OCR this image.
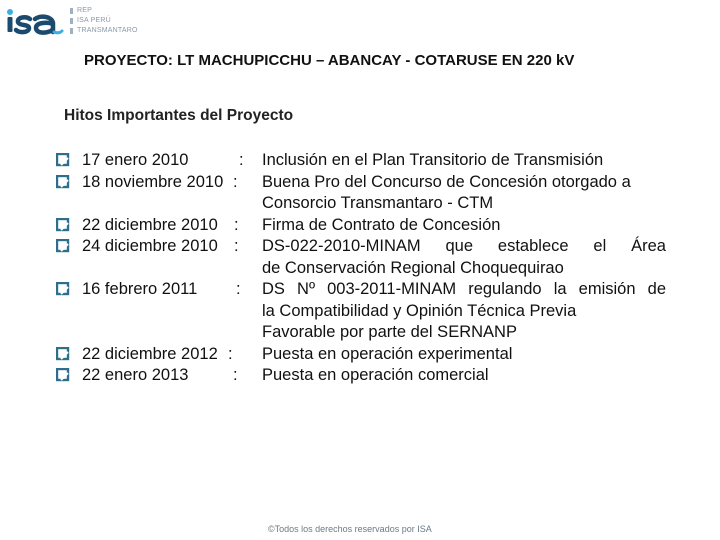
REP
ISA PERÚ
TRANSMANTARO
PROYECTO: LT MACHUPICCHU – ABANCAY - COTARUSE EN 220 kV
Hitos Importantes del Proyecto
17 enero 2010	: Inclusión en el Plan Transitorio de Transmisión
18 noviembre 2010 : Buena Pro del Concurso de Concesión otorgado a
Consorcio Transmantaro - CTM
22 diciembre 2010 : Firma de Contrato de Concesión
24 diciembre 2010 : DS-022-2010-MINAM que establece el Área
de Conservación Regional Choquequirao
16 febrero 2011 : DS Nº 003-2011-MINAM regulando la emisión de
la Compatibilidad y Opinión Técnica Previa
Favorable por parte del SERNANP
22 diciembre 2012 : Puesta en operación experimental
22 enero 2013	: Puesta en operación comercial
©Todos los derechos reservados por ISA
